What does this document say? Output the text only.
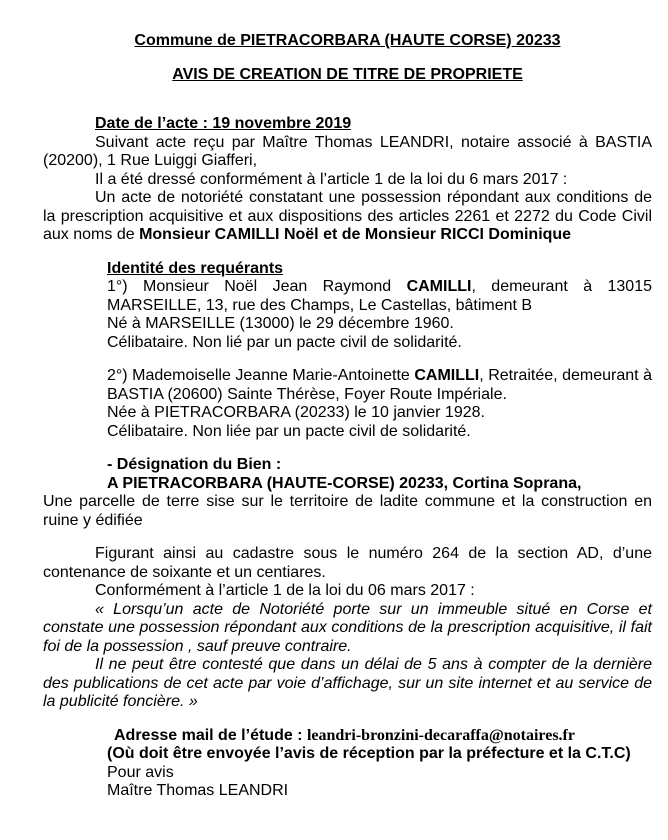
Commune de PIETRACORBARA (HAUTE CORSE) 20233

AVIS DE CREATION DE TITRE DE PROPRIETE

Date de l’acte : 19 novembre 2019

Suivant acte reçu par Maître Thomas LEANDRI, notaire associé à BASTIA (20200), 1 Rue Luiggi Giafferi,

Il a été dressé conformément à l’article 1 de la loi du 6 mars 2017 :

Un acte de notoriété constatant une possession répondant aux conditions de la prescription acquisitive et aux dispositions des articles 2261 et 2272 du Code Civil aux noms de Monsieur CAMILLI Noël et de Monsieur RICCI Dominique

Identité des requérants

1°) Monsieur Noël Jean Raymond CAMILLI, demeurant à 13015 MARSEILLE, 13, rue des Champs, Le Castellas, bâtiment B

Né à MARSEILLE (13000) le 29 décembre 1960.

Célibataire. Non lié par un pacte civil de solidarité.

2°) Mademoiselle Jeanne Marie-Antoinette CAMILLI, Retraitée, demeurant à BASTIA (20600) Sainte Thérèse, Foyer Route Impériale.

Née à PIETRACORBARA (20233) le 10 janvier 1928.

Célibataire. Non liée par un pacte civil de solidarité.

- Désignation du Bien :

A PIETRACORBARA (HAUTE-CORSE) 20233, Cortina Soprana,

Une parcelle de terre sise sur le territoire de ladite commune et la construction en ruine y édifiée

Figurant ainsi au cadastre sous le numéro 264 de la section AD, d’une contenance de soixante et un centiares.

Conformément à l’article 1 de la loi du 06 mars 2017 :

« Lorsqu’un acte de Notoriété porte sur un immeuble situé en Corse et constate une possession répondant aux conditions de la prescription acquisitive, il fait foi de la possession , sauf preuve contraire.

Il ne peut être contesté que dans un délai de 5 ans à compter de la dernière des publications de cet acte par voie d’affichage, sur un site internet et au service de la publicité foncière. »

Adresse mail de l’étude : leandri-bronzini-decaraffa@notaires.fr

(Où doit être envoyée l’avis de réception par la préfecture et la C.T.C)

Pour avis

Maître Thomas LEANDRI
